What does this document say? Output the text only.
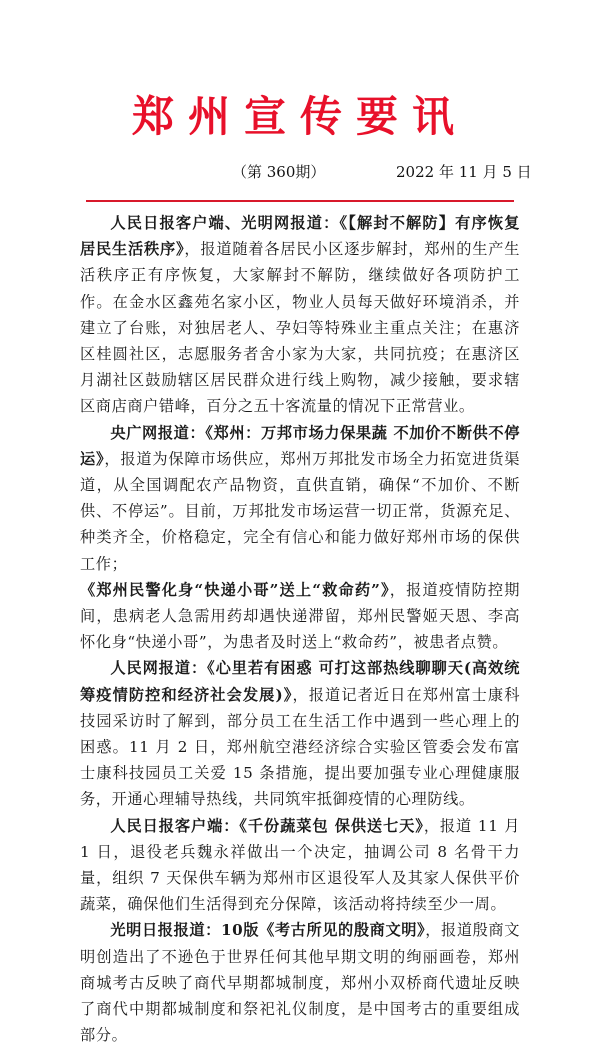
郑州宣传要讯
（第 360期）	2022 年 11 月 5 日

人民日报客户端、光明网报道：《【解封不解防】有序恢复居民生活秩序》，报道随着各居民小区逐步解封，郑州的生产生活秩序正有序恢复，大家解封不解防，继续做好各项防护工作。在金水区鑫苑名家小区，物业人员每天做好环境消杀，并建立了台账，对独居老人、孕妇等特殊业主重点关注；在惠济区桂圆社区，志愿服务者舍小家为大家，共同抗疫；在惠济区月湖社区鼓励辖区居民群众进行线上购物，减少接触，要求辖区商店商户错峰，百分之五十客流量的情况下正常营业。

央广网报道：《郑州：万邦市场力保果蔬 不加价不断供不停运》，报道为保障市场供应，郑州万邦批发市场全力拓宽进货渠道，从全国调配农产品物资，直供直销，确保“不加价、不断供、不停运”。目前，万邦批发市场运营一切正常，货源充足、种类齐全，价格稳定，完全有信心和能力做好郑州市场的保供工作；

《郑州民警化身“快递小哥”送上“救命药”》，报道疫情防控期间，患病老人急需用药却遇快递滞留，郑州民警姬天恩、李高怀化身“快递小哥”，为患者及时送上“救命药”，被患者点赞。

人民网报道：《心里若有困惑 可打这部热线聊聊天(高效统筹疫情防控和经济社会发展)》，报道记者近日在郑州富士康科技园采访时了解到，部分员工在生活工作中遇到一些心理上的困惑。11 月 2 日，郑州航空港经济综合实验区管委会发布富士康科技园员工关爱 15 条措施，提出要加强专业心理健康服务，开通心理辅导热线，共同筑牢抵御疫情的心理防线。

人民日报客户端：《千份蔬菜包 保供送七天》，报道 11 月 1 日，退役老兵魏永祥做出一个决定，抽调公司 8 名骨干力量，组织 7 天保供车辆为郑州市区退役军人及其家人保供平价蔬菜，确保他们生活得到充分保障，该活动将持续至少一周。

光明日报报道：10版《考古所见的殷商文明》，报道殷商文明创造出了不逊色于世界任何其他早期文明的绚丽画卷，郑州商城考古反映了商代早期都城制度，郑州小双桥商代遗址反映了商代中期都城制度和祭祀礼仪制度，是中国考古的重要组成部分。
